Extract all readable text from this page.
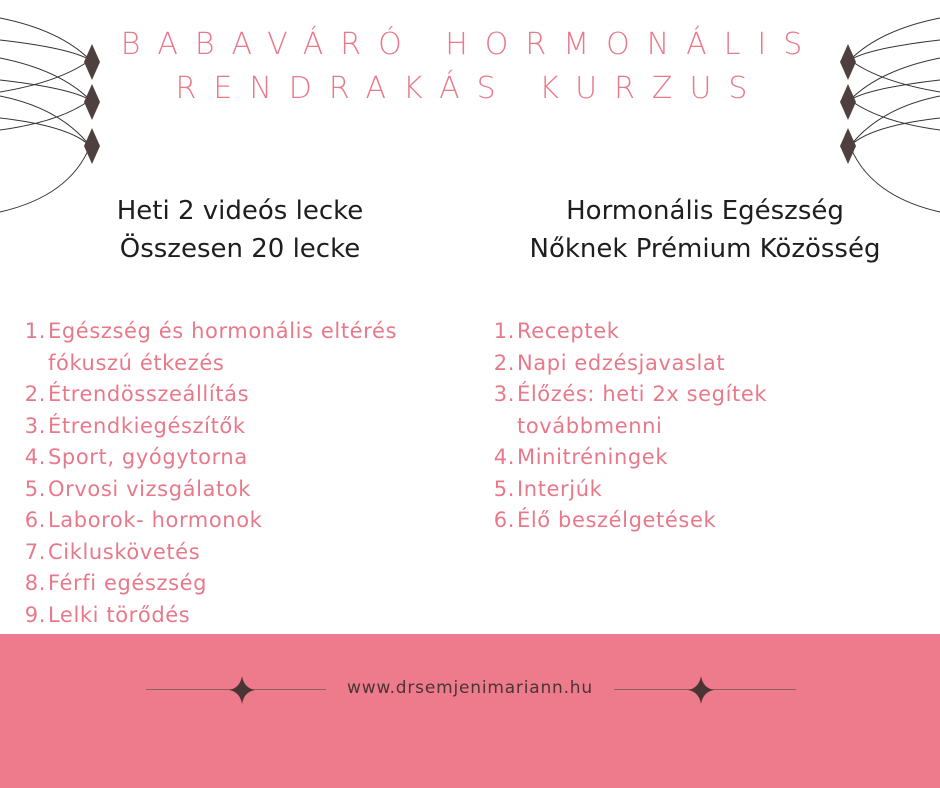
BABAVÁRÓ HORMONÁLIS
RENDRAKÁS KURZUS
Heti 2 videós lecke
Összesen 20 lecke
Hormonális Egészség
Nőknek Prémium Közösség
1. Egészség és hormonális eltérés
fókuszú étkezés
2. Étrendösszeállítás
3. Étrendkiegészítők
4. Sport, gyógytorna
5. Orvosi vizsgálatok
6. Laborok- hormonok
7. Cikluskövetés
8. Férfi egészség
9. Lelki törődés
1. Receptek
2. Napi edzésjavaslat
3. Élőzés: heti 2x segítek
továbbmenni
4. Minitréningek
5. Interjúk
6. Élő beszélgetések
www.drsemjenimariann.hu
